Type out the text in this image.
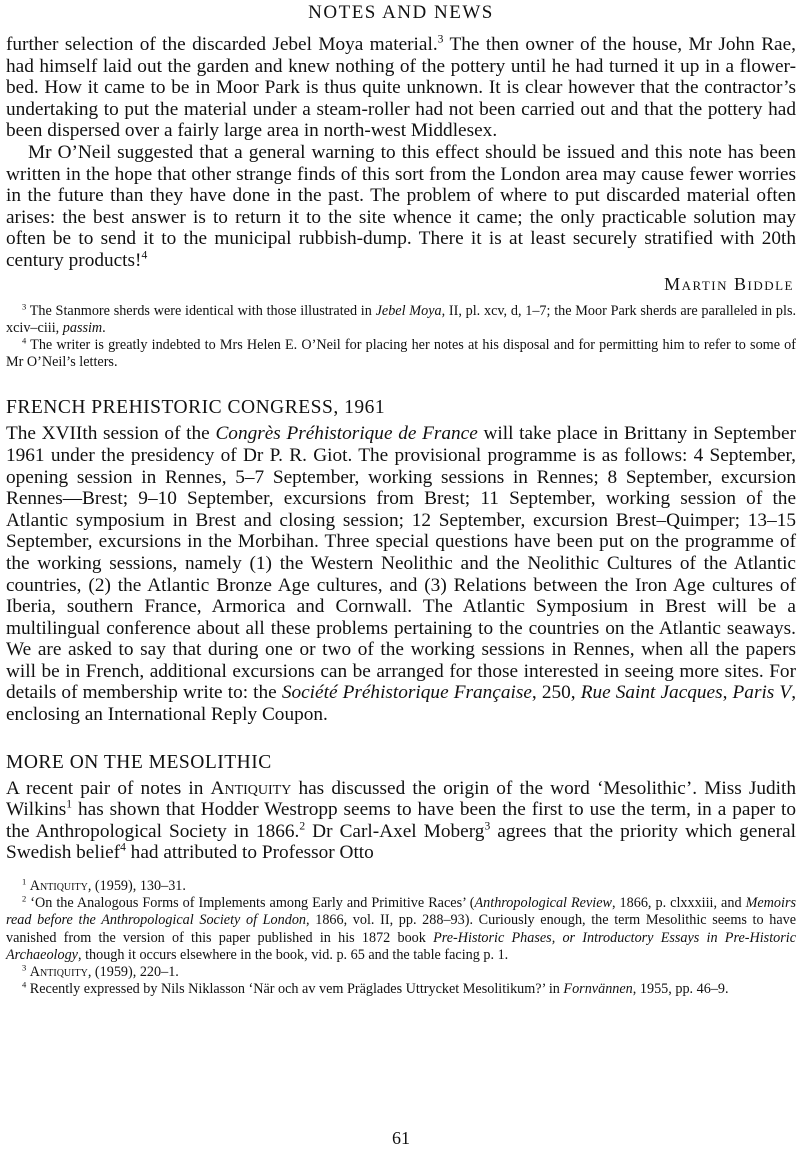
NOTES AND NEWS

further selection of the discarded Jebel Moya material.$^3$ The then owner of the house, Mr John Rae, had himself laid out the garden and knew nothing of the pottery until he had turned it up in a flower-bed. How it came to be in Moor Park is thus quite unknown. It is clear however that the contractor’s undertaking to put the material under a steam-roller had not been carried out and that the pottery had been dispersed over a fairly large area in north-west Middlesex.

Mr O’Neil suggested that a general warning to this effect should be issued and this note has been written in the hope that other strange finds of this sort from the London area may cause fewer worries in the future than they have done in the past. The problem of where to put discarded material often arises: the best answer is to return it to the site whence it came; the only practicable solution may often be to send it to the municipal rubbish-dump. There it is at least securely stratified with 20th century products!$^4$

Martin Biddle

$^3$ The Stanmore sherds were identical with those illustrated in Jebel Moya, II, pl. xcv, d, 1–7; the Moor Park sherds are paralleled in pls. xciv–ciii, passim.

$^4$ The writer is greatly indebted to Mrs Helen E. O’Neil for placing her notes at his disposal and for permitting him to refer to some of Mr O’Neil’s letters.

FRENCH PREHISTORIC CONGRESS, 1961

The XVIIth session of the Congrès Préhistorique de France will take place in Brittany in September 1961 under the presidency of Dr P. R. Giot. The provisional programme is as follows: 4 September, opening session in Rennes, 5–7 September, working sessions in Rennes; 8 September, excursion Rennes—Brest; 9–10 September, excursions from Brest; 11 September, working session of the Atlantic symposium in Brest and closing session; 12 September, excursion Brest–Quimper; 13–15 September, excursions in the Morbihan. Three special questions have been put on the programme of the working sessions, namely (1) the Western Neolithic and the Neolithic Cultures of the Atlantic countries, (2) the Atlantic Bronze Age cultures, and (3) Relations between the Iron Age cultures of Iberia, southern France, Armorica and Cornwall. The Atlantic Symposium in Brest will be a multilingual conference about all these problems pertaining to the countries on the Atlantic seaways. We are asked to say that during one or two of the working sessions in Rennes, when all the papers will be in French, additional excursions can be arranged for those interested in seeing more sites. For details of membership write to: the Société Préhistorique Française, 250, Rue Saint Jacques, Paris V, enclosing an International Reply Coupon.

MORE ON THE MESOLITHIC

A recent pair of notes in Antiquity has discussed the origin of the word ‘Mesolithic’. Miss Judith Wilkins$^1$ has shown that Hodder Westropp seems to have been the first to use the term, in a paper to the Anthropological Society in 1866.$^2$ Dr Carl-Axel Moberg$^3$ agrees that the priority which general Swedish belief$^4$ had attributed to Professor Otto

$^1$ Antiquity, (1959), 130–31.

$^2$ ‘On the Analogous Forms of Implements among Early and Primitive Races’ (Anthropological Review, 1866, p. clxxxiii, and Memoirs read before the Anthropological Society of London, 1866, vol. II, pp. 288–93). Curiously enough, the term Mesolithic seems to have vanished from the version of this paper published in his 1872 book Pre-Historic Phases, or Introductory Essays in Pre-Historic Archaeology, though it occurs elsewhere in the book, vid. p. 65 and the table facing p. 1.

$^3$ Antiquity, (1959), 220–1.

$^4$ Recently expressed by Nils Niklasson ‘När och av vem Präglades Uttrycket Mesolitikum?’ in Fornvännen, 1955, pp. 46–9.

61
